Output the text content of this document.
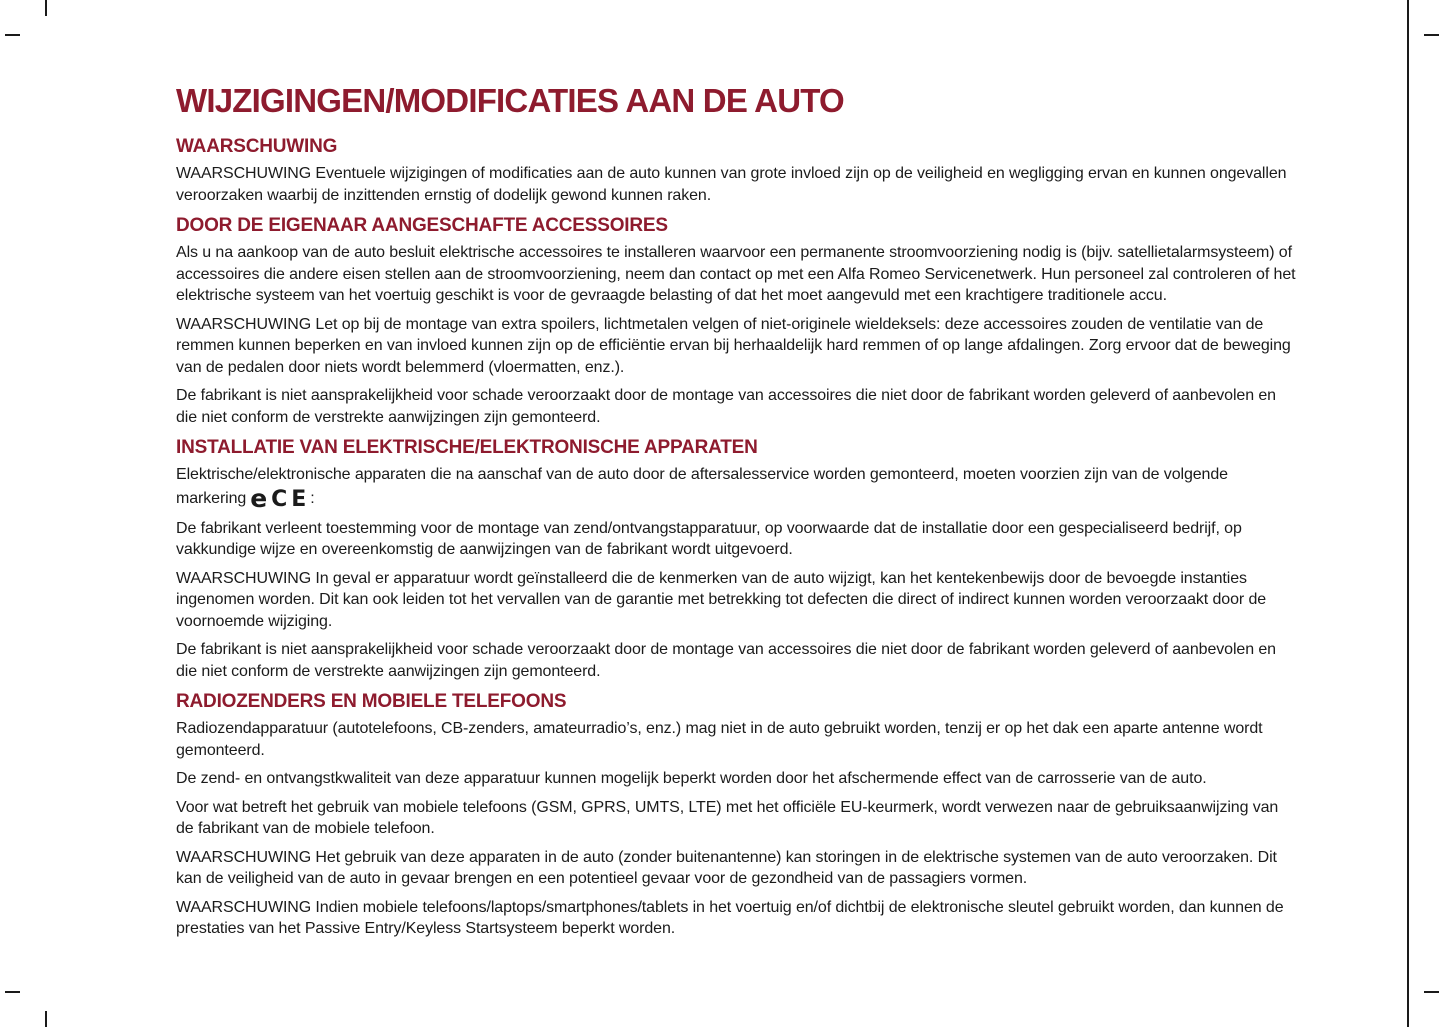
WIJZIGINGEN/MODIFICATIES AAN DE AUTO
WAARSCHUWING

WAARSCHUWING Eventuele wijzigingen of modificaties aan de auto kunnen van grote invloed zijn op de veiligheid en wegligging ervan en kunnen ongevallen veroorzaken waarbij de inzittenden ernstig of dodelijk gewond kunnen raken.

DOOR DE EIGENAAR AANGESCHAFTE ACCESSOIRES

Als u na aankoop van de auto besluit elektrische accessoires te installeren waarvoor een permanente stroomvoorziening nodig is (bijv. satellietalarmsysteem) of accessoires die andere eisen stellen aan de stroomvoorziening, neem dan contact op met een Alfa Romeo Servicenetwerk. Hun personeel zal controleren of het elektrische systeem van het voertuig geschikt is voor de gevraagde belasting of dat het moet aangevuld met een krachtigere traditionele accu.

WAARSCHUWING Let op bij de montage van extra spoilers, lichtmetalen velgen of niet-originele wieldeksels: deze accessoires zouden de ventilatie van de remmen kunnen beperken en van invloed kunnen zijn op de efficiëntie ervan bij herhaaldelijk hard remmen of op lange afdalingen. Zorg ervoor dat de beweging van de pedalen door niets wordt belemmerd (vloermatten, enz.).

De fabrikant is niet aansprakelijkheid voor schade veroorzaakt door de montage van accessoires die niet door de fabrikant worden geleverd of aanbevolen en die niet conform de verstrekte aanwijzingen zijn gemonteerd.

INSTALLATIE VAN ELEKTRISCHE/ELEKTRONISCHE APPARATEN

Elektrische/elektronische apparaten die na aanschaf van de auto door de aftersalesservice worden gemonteerd, moeten voorzien zijn van de volgende markering e CE:

De fabrikant verleent toestemming voor de montage van zend/ontvangstapparatuur, op voorwaarde dat de installatie door een gespecialiseerd bedrijf, op vakkundige wijze en overeenkomstig de aanwijzingen van de fabrikant wordt uitgevoerd.

WAARSCHUWING In geval er apparatuur wordt geïnstalleerd die de kenmerken van de auto wijzigt, kan het kentekenbewijs door de bevoegde instanties ingenomen worden. Dit kan ook leiden tot het vervallen van de garantie met betrekking tot defecten die direct of indirect kunnen worden veroorzaakt door de voornoemde wijziging.

De fabrikant is niet aansprakelijkheid voor schade veroorzaakt door de montage van accessoires die niet door de fabrikant worden geleverd of aanbevolen en die niet conform de verstrekte aanwijzingen zijn gemonteerd.

RADIOZENDERS EN MOBIELE TELEFOONS

Radiozendapparatuur (autotelefoons, CB-zenders, amateurradio’s, enz.) mag niet in de auto gebruikt worden, tenzij er op het dak een aparte antenne wordt gemonteerd.

De zend- en ontvangstkwaliteit van deze apparatuur kunnen mogelijk beperkt worden door het afschermende effect van de carrosserie van de auto.

Voor wat betreft het gebruik van mobiele telefoons (GSM, GPRS, UMTS, LTE) met het officiële EU-keurmerk, wordt verwezen naar de gebruiksaanwijzing van de fabrikant van de mobiele telefoon.

WAARSCHUWING Het gebruik van deze apparaten in de auto (zonder buitenantenne) kan storingen in de elektrische systemen van de auto veroorzaken. Dit kan de veiligheid van de auto in gevaar brengen en een potentieel gevaar voor de gezondheid van de passagiers vormen.

WAARSCHUWING Indien mobiele telefoons/laptops/smartphones/tablets in het voertuig en/of dichtbij de elektronische sleutel gebruikt worden, dan kunnen de prestaties van het Passive Entry/Keyless Startsysteem beperkt worden.
